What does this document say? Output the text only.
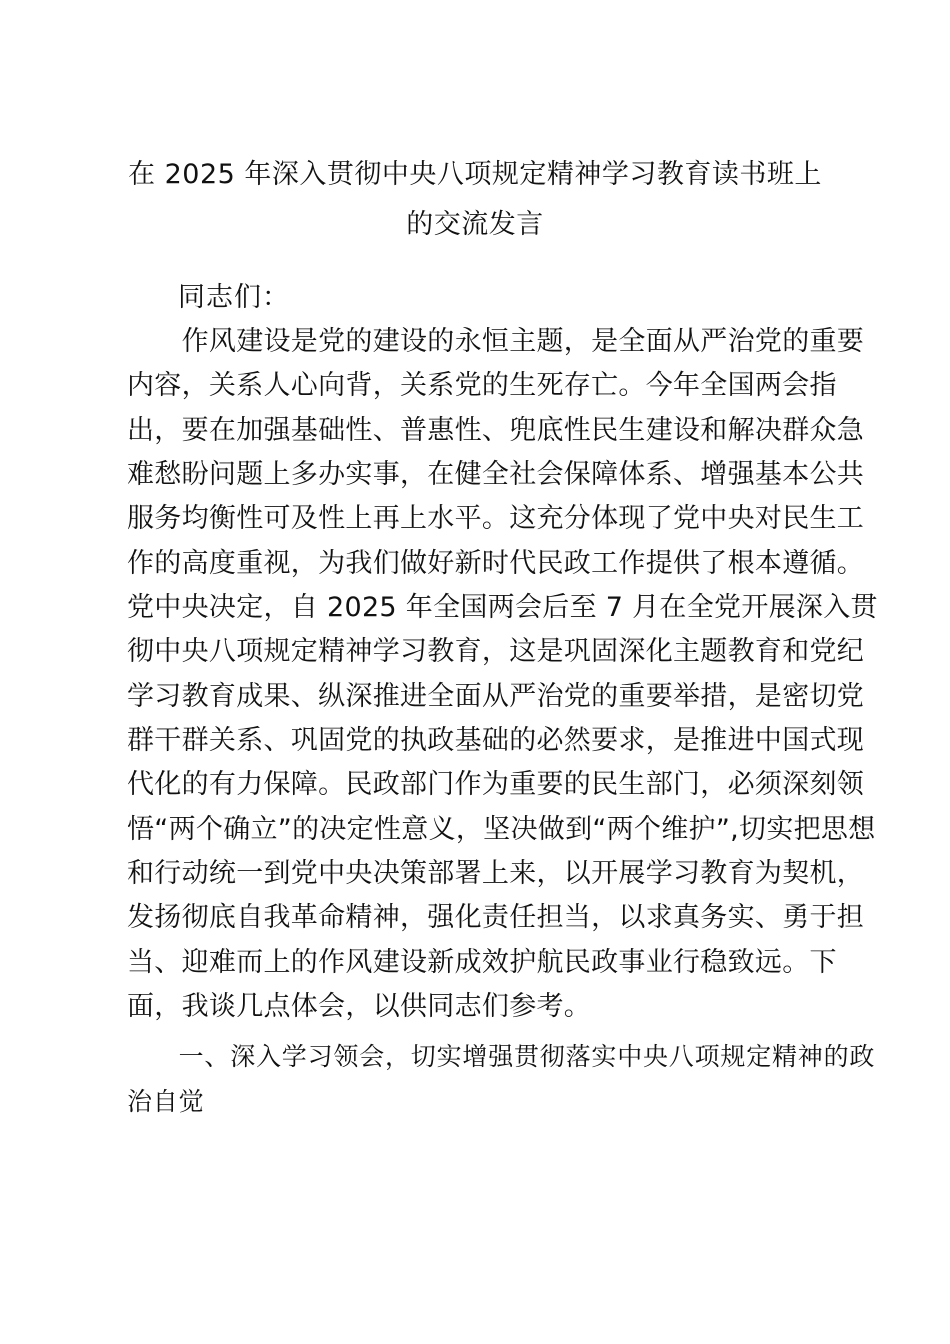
在 2025 年深入贯彻中央八项规定精神学习教育读书班上
的交流发言
同志们：
　　作风建设是党的建设的永恒主题，是全面从严治党的重要
内容，关系人心向背，关系党的生死存亡。今年全国两会指
出，要在加强基础性、普惠性、兜底性民生建设和解决群众急
难愁盼问题上多办实事，在健全社会保障体系、增强基本公共
服务均衡性可及性上再上水平。这充分体现了党中央对民生工
作的高度重视，为我们做好新时代民政工作提供了根本遵循。
党中央决定，自 2025 年全国两会后至 7 月在全党开展深入贯
彻中央八项规定精神学习教育，这是巩固深化主题教育和党纪
学习教育成果、纵深推进全面从严治党的重要举措，是密切党
群干群关系、巩固党的执政基础的必然要求，是推进中国式现
代化的有力保障。民政部门作为重要的民生部门，必须深刻领
悟“两个确立”的决定性意义，坚决做到“两个维护”,切实把思想
和行动统一到党中央决策部署上来，以开展学习教育为契机，
发扬彻底自我革命精神，强化责任担当，以求真务实、勇于担
当、迎难而上的作风建设新成效护航民政事业行稳致远。下
面，我谈几点体会，以供同志们参考。
　　一、深入学习领会，切实增强贯彻落实中央八项规定精神的政
治自觉
